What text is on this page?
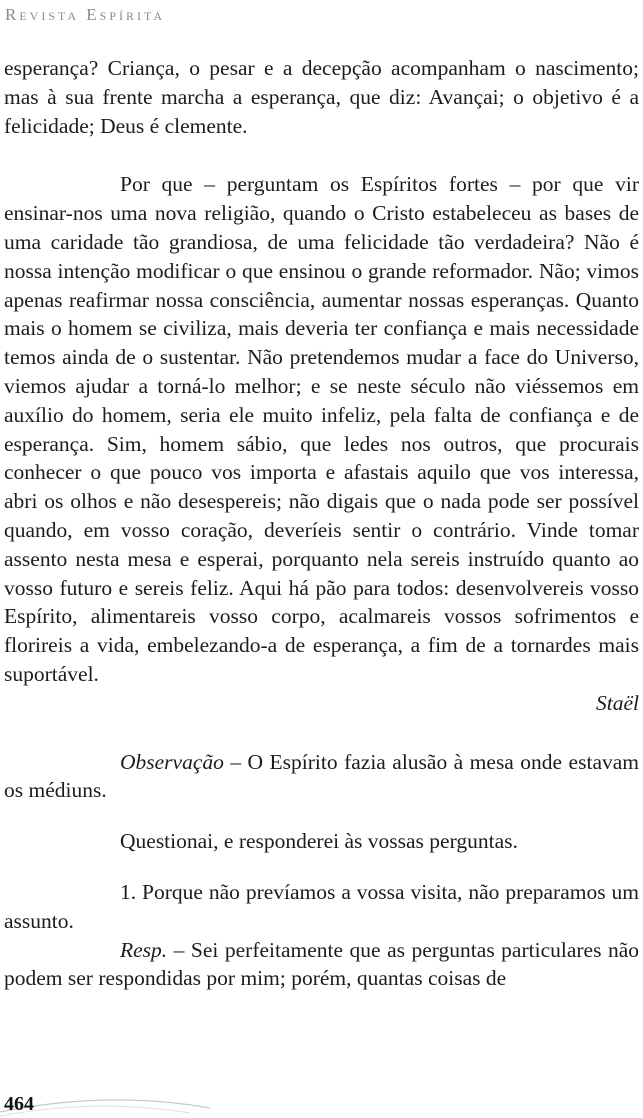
Revista Espírita

esperança? Criança, o pesar e a decepção acompanham o nascimento; mas à sua frente marcha a esperança, que diz: Avançai; o objetivo é a felicidade; Deus é clemente.

Por que – perguntam os Espíritos fortes – por que vir ensinar-nos uma nova religião, quando o Cristo estabeleceu as bases de uma caridade tão grandiosa, de uma felicidade tão verdadeira? Não é nossa intenção modificar o que ensinou o grande reformador. Não; vimos apenas reafirmar nossa consciência, aumentar nossas esperanças. Quanto mais o homem se civiliza, mais deveria ter confiança e mais necessidade temos ainda de o sustentar. Não pretendemos mudar a face do Universo, viemos ajudar a torná-lo melhor; e se neste século não viéssemos em auxílio do homem, seria ele muito infeliz, pela falta de confiança e de esperança. Sim, homem sábio, que ledes nos outros, que procurais conhecer o que pouco vos importa e afastais aquilo que vos interessa, abri os olhos e não desespereis; não digais que o nada pode ser possível quando, em vosso coração, deveríeis sentir o contrário. Vinde tomar assento nesta mesa e esperai, porquanto nela sereis instruído quanto ao vosso futuro e sereis feliz. Aqui há pão para todos: desenvolvereis vosso Espírito, alimentareis vosso corpo, acalmareis vossos sofrimentos e florireis a vida, embelezando-a de esperança, a fim de a tornardes mais suportável.

Staël

Observação – O Espírito fazia alusão à mesa onde estavam os médiuns.

Questionai, e responderei às vossas perguntas.

1. Porque não prevíamos a vossa visita, não preparamos um assunto.

Resp. – Sei perfeitamente que as perguntas particulares não podem ser respondidas por mim; porém, quantas coisas de

464
